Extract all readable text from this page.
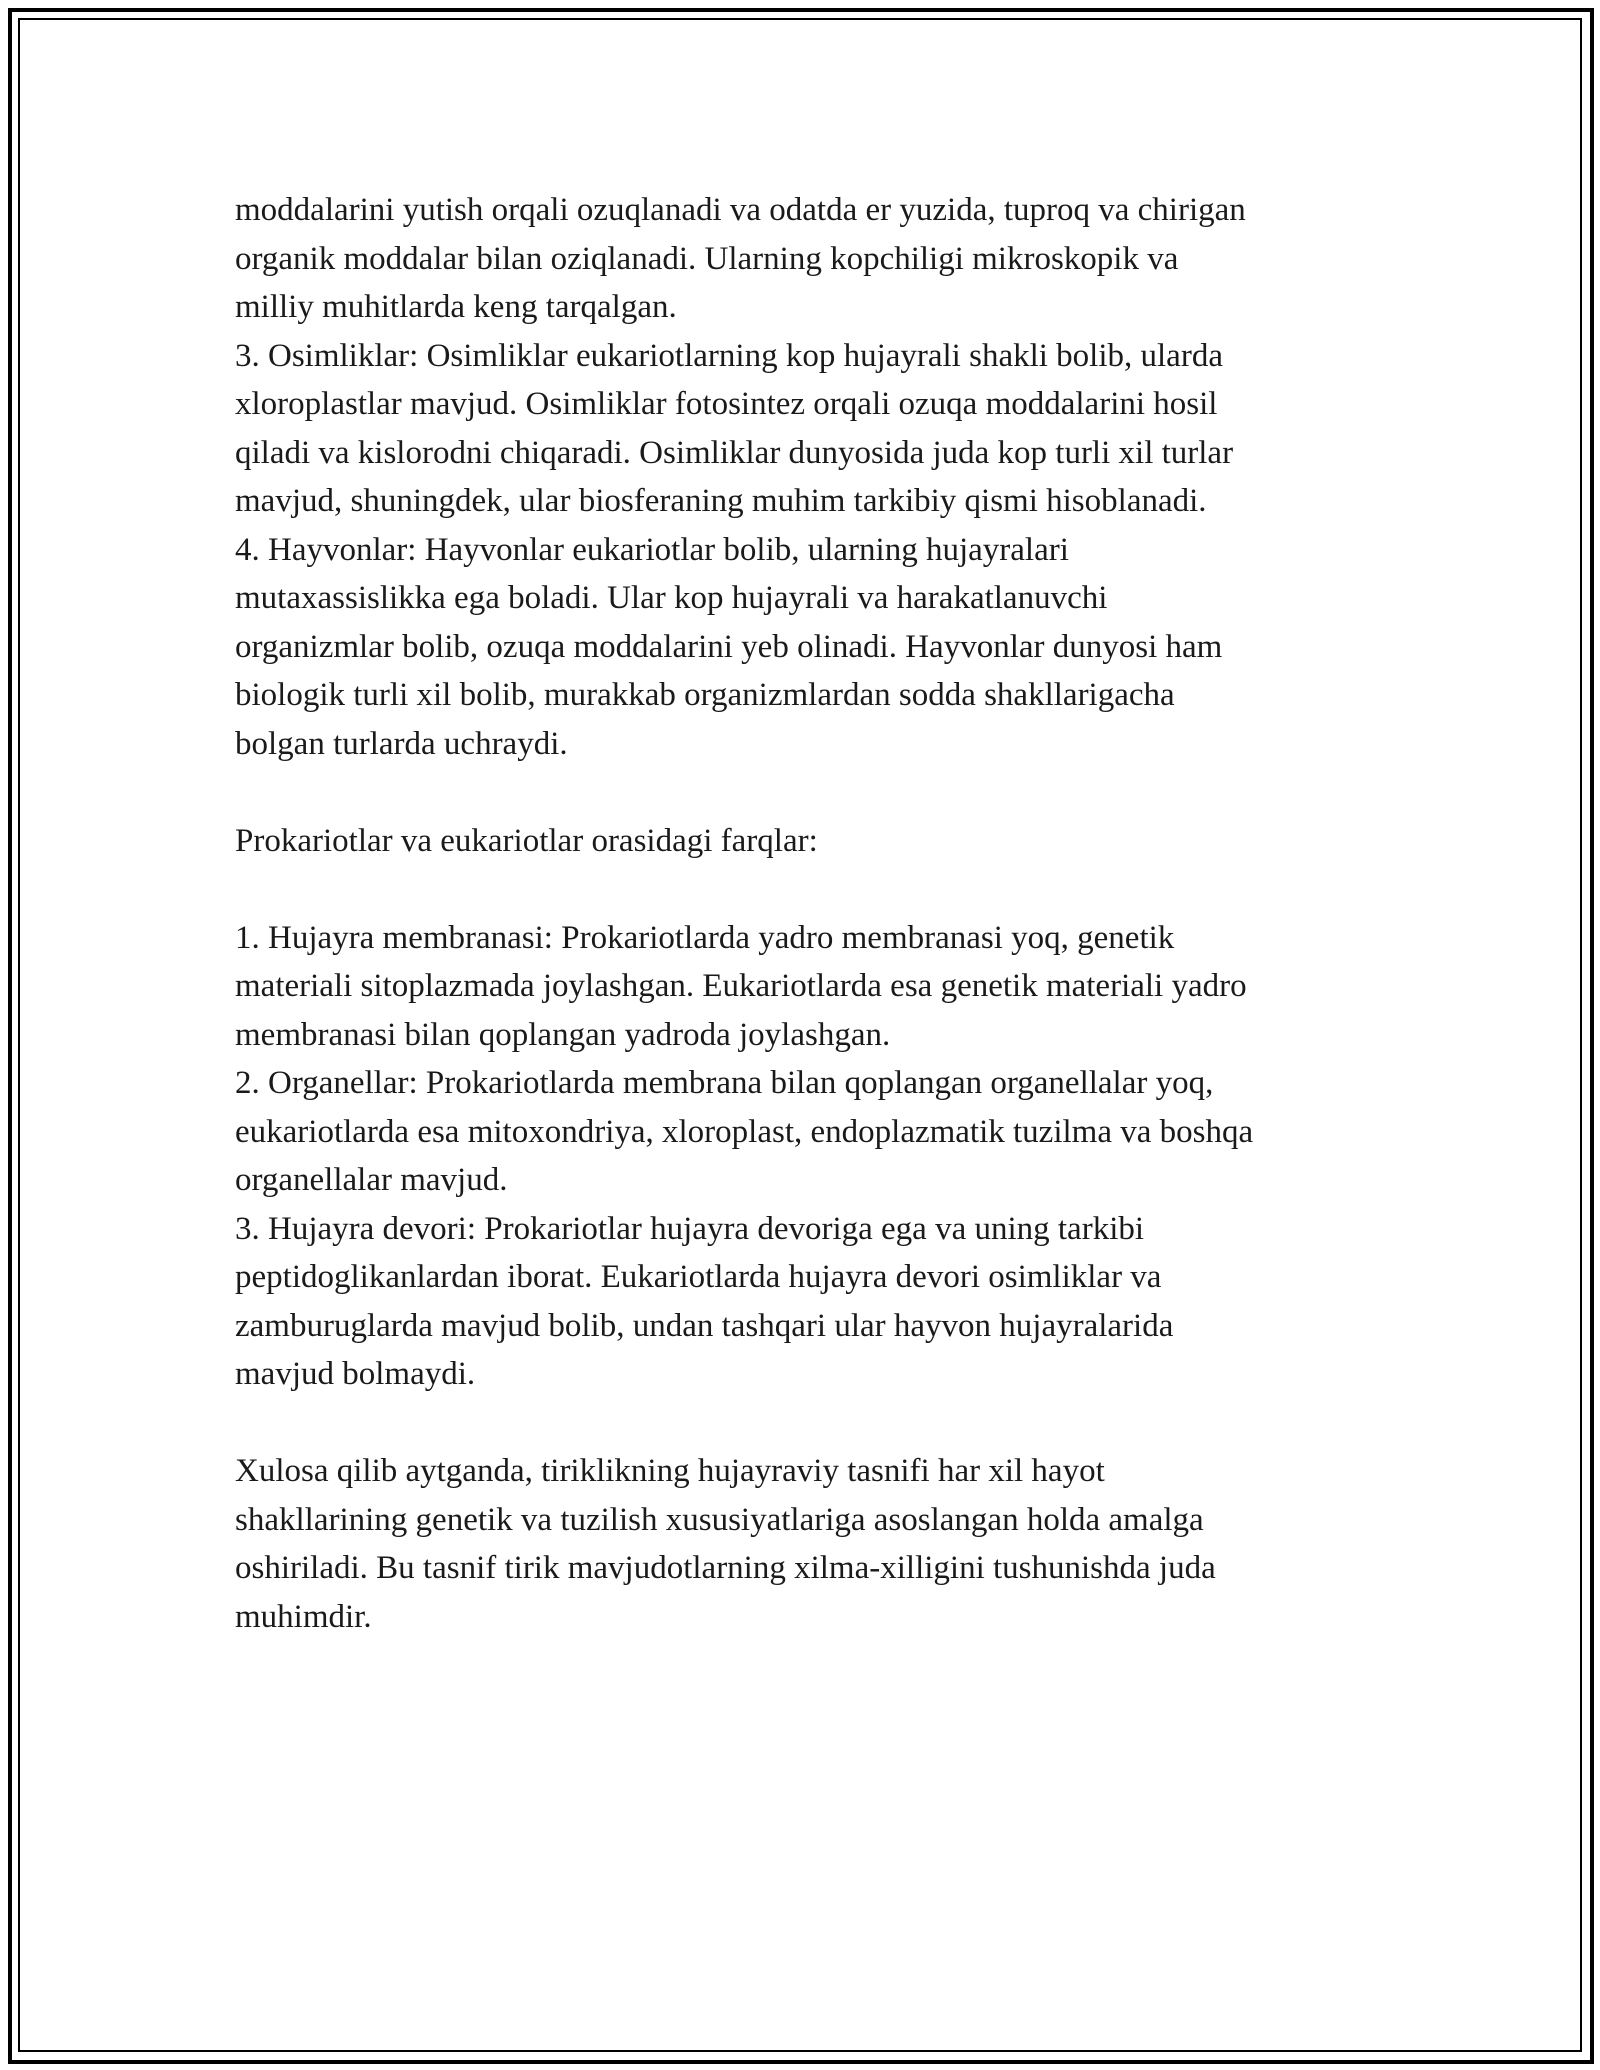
moddalarini yutish orqali ozuqlanadi va odatda er yuzida, tuproq va chirigan
organik moddalar bilan oziqlanadi. Ularning kopchiligi mikroskopik va
milliy muhitlarda keng tarqalgan.
3. Osimliklar: Osimliklar eukariotlarning kop hujayrali shakli bolib, ularda
xloroplastlar mavjud. Osimliklar fotosintez orqali ozuqa moddalarini hosil
qiladi va kislorodni chiqaradi. Osimliklar dunyosida juda kop turli xil turlar
mavjud, shuningdek, ular biosferaning muhim tarkibiy qismi hisoblanadi.
4. Hayvonlar: Hayvonlar eukariotlar bolib, ularning hujayralari
mutaxassislikka ega boladi. Ular kop hujayrali va harakatlanuvchi
organizmlar bolib, ozuqa moddalarini yeb olinadi. Hayvonlar dunyosi ham
biologik turli xil bolib, murakkab organizmlardan sodda shakllarigacha
bolgan turlarda uchraydi.
Prokariotlar va eukariotlar orasidagi farqlar:
1. Hujayra membranasi: Prokariotlarda yadro membranasi yoq, genetik
materiali sitoplazmada joylashgan. Eukariotlarda esa genetik materiali yadro
membranasi bilan qoplangan yadroda joylashgan.
2. Organellar: Prokariotlarda membrana bilan qoplangan organellalar yoq,
eukariotlarda esa mitoxondriya, xloroplast, endoplazmatik tuzilma va boshqa
organellalar mavjud.
3. Hujayra devori: Prokariotlar hujayra devoriga ega va uning tarkibi
peptidoglikanlardan iborat. Eukariotlarda hujayra devori osimliklar va
zamburuglarda mavjud bolib, undan tashqari ular hayvon hujayralarida
mavjud bolmaydi.
Xulosa qilib aytganda, tiriklikning hujayraviy tasnifi har xil hayot
shakllarining genetik va tuzilish xususiyatlariga asoslangan holda amalga
oshiriladi. Bu tasnif tirik mavjudotlarning xilma-xilligini tushunishda juda
muhimdir.
